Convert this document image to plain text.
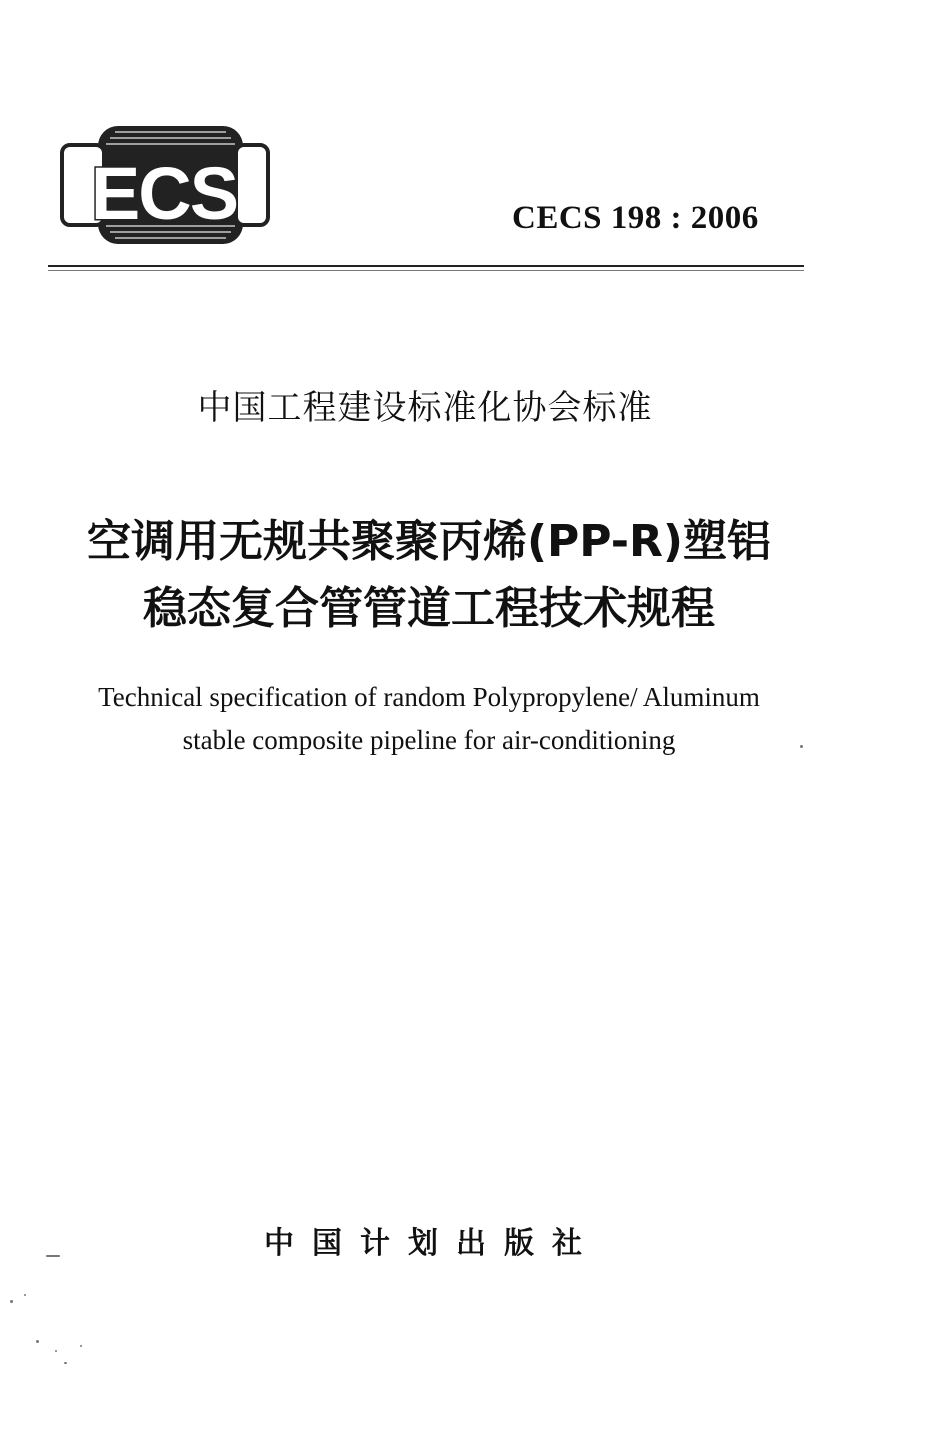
ECS	CECS 198 : 2006
中国工程建设标准化协会标准
空调用无规共聚聚丙烯(PP-R)塑铝
稳态复合管管道工程技术规程
Technical specification of random Polypropylene/ Aluminum
stable composite pipeline for air-conditioning
中国计划出版社
